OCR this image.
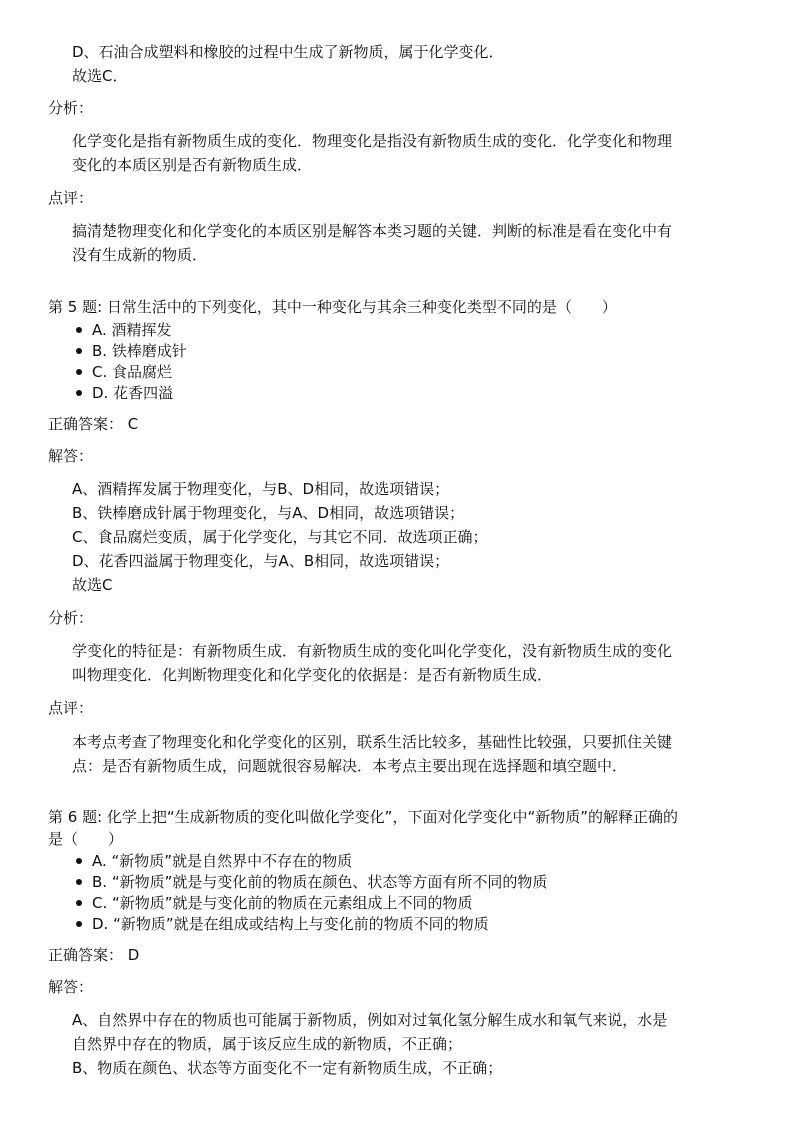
D、石油合成塑料和橡胶的过程中生成了新物质，属于化学变化．
故选C．
分析：
化学变化是指有新物质生成的变化．物理变化是指没有新物质生成的变化．化学变化和物理
变化的本质区别是否有新物质生成．
点评：
搞清楚物理变化和化学变化的本质区别是解答本类习题的关键．判断的标准是看在变化中有
没有生成新的物质．
第 5 题: 日常生活中的下列变化，其中一种变化与其余三种变化类型不同的是（　　）
A. 酒精挥发
B. 铁棒磨成针
C. 食品腐烂
D. 花香四溢
正确答案： C
解答：
A、酒精挥发属于物理变化，与B、D相同，故选项错误；
B、铁棒磨成针属于物理变化，与A、D相同，故选项错误；
C、食品腐烂变质，属于化学变化，与其它不同．故选项正确；
D、花香四溢属于物理变化，与A、B相同，故选项错误；
故选C
分析：
学变化的特征是：有新物质生成．有新物质生成的变化叫化学变化，没有新物质生成的变化
叫物理变化．化判断物理变化和化学变化的依据是：是否有新物质生成．
点评：
本考点考查了物理变化和化学变化的区别，联系生活比较多，基础性比较强，只要抓住关键
点：是否有新物质生成，问题就很容易解决．本考点主要出现在选择题和填空题中．
第 6 题: 化学上把“生成新物质的变化叫做化学变化”，下面对化学变化中“新物质”的解释正确的
是（　　）
A. “新物质”就是自然界中不存在的物质
B. “新物质”就是与变化前的物质在颜色、状态等方面有所不同的物质
C. “新物质”就是与变化前的物质在元素组成上不同的物质
D. “新物质”就是在组成或结构上与变化前的物质不同的物质
正确答案： D
解答：
A、自然界中存在的物质也可能属于新物质，例如对过氧化氢分解生成水和氧气来说，水是
自然界中存在的物质，属于该反应生成的新物质，不正确；
B、物质在颜色、状态等方面变化不一定有新物质生成，不正确；
